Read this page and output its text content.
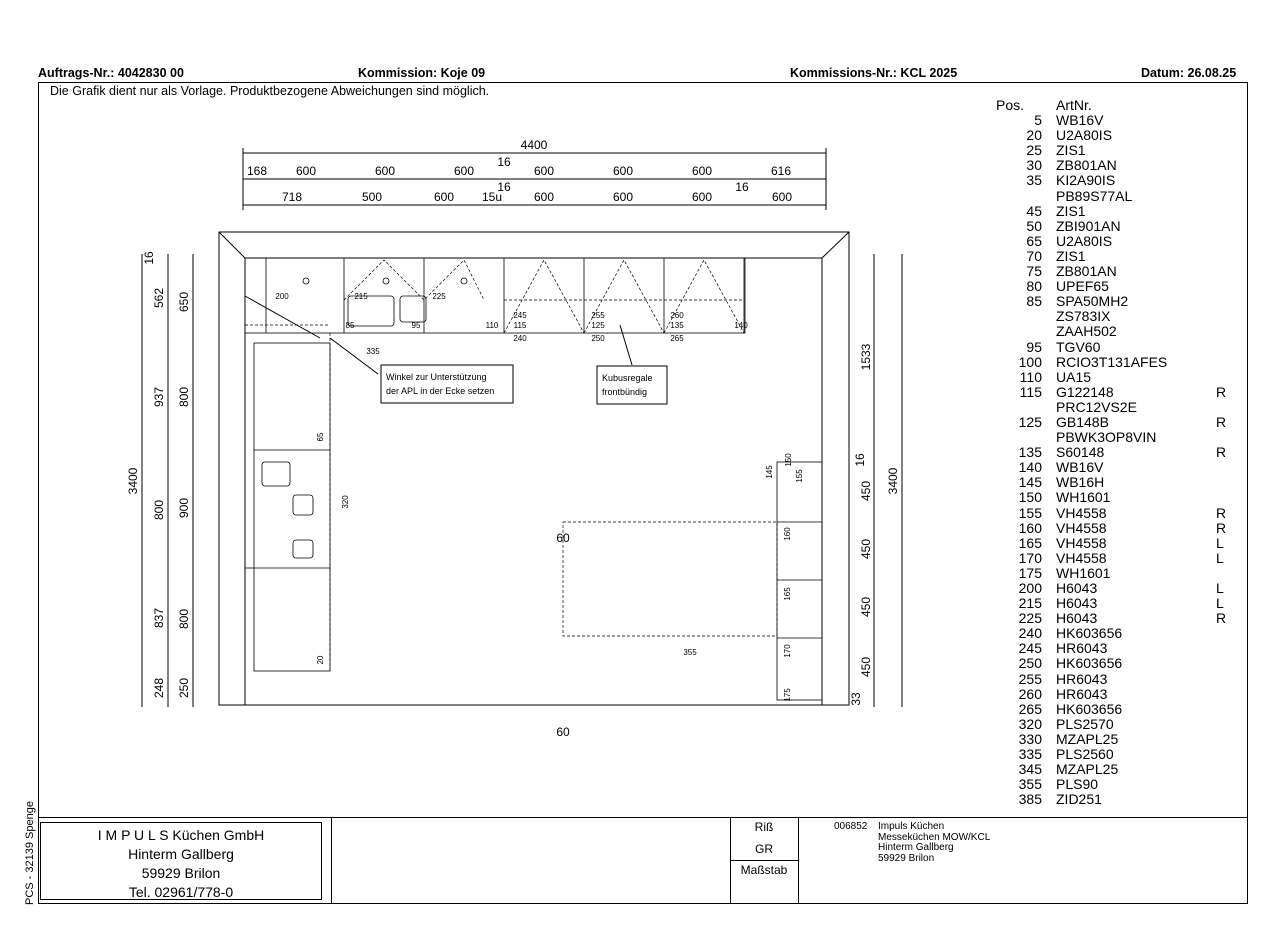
Auftrags-Nr.: 4042830 00	Kommission: Koje 09	Kommissions-Nr.: KCL 2025	Datum: 26.08.25
Die Grafik dient nur als Vorlage. Produktbezogene Abweichungen sind möglich.
Winkel zur Unterstützung
der APL in der Ecke setzen
Kubusregale
frontbündig
4400
168 600	600	600
16
600	600	600	616
16
718	500	600 15u	600	600	600
16
600
16
562
937
800
837
248
3400
650
800
900
800
250
1533
16
450
450
450
450
33
3400
60
60
200	215	225
85	95	110 115
245
240
255
125
250
260
135
265
140
335
65
320
20
355
145
150
155
160
165
170
175
Pos.	ArtNr.
5	WB16V
20	U2A80IS
25	ZIS1
30	ZB801AN
35	KI2A90IS
PB89S77AL
45	ZIS1
50	ZBI901AN
65	U2A80IS
70	ZIS1
75	ZB801AN
80	UPEF65
85	SPA50MH2
ZS783IX
ZAAH502
95	TGV60
100	RCIO3T131AFES
110	UA15
115	G122148	R
PRC12VS2E
125	GB148B	R
PBWK3OP8VIN
135	S60148	R
140	WB16V
145	WB16H
150	WH1601
155	VH4558	R
160	VH4558	R
165	VH4558	L
170	VH4558	L
175	WH1601
200	H6043	L
215	H6043	L
225	H6043	R
240	HK603656
245	HR6043
250	HK603656
255	HR6043
260	HR6043
265	HK603656
320	PLS2570
330	MZAPL25
335	PLS2560
345	MZAPL25
355	PLS90
385	ZID251
I M P U L S Küchen GmbH
Hinterm Gallberg
59929 Brilon
Tel. 02961/778-0
Riß
GR
Maßstab
006852 Impuls Küchen
Messeküchen MOW/KCL
Hinterm Gallberg
59929 Brilon
PCS - 32139 Spenge
